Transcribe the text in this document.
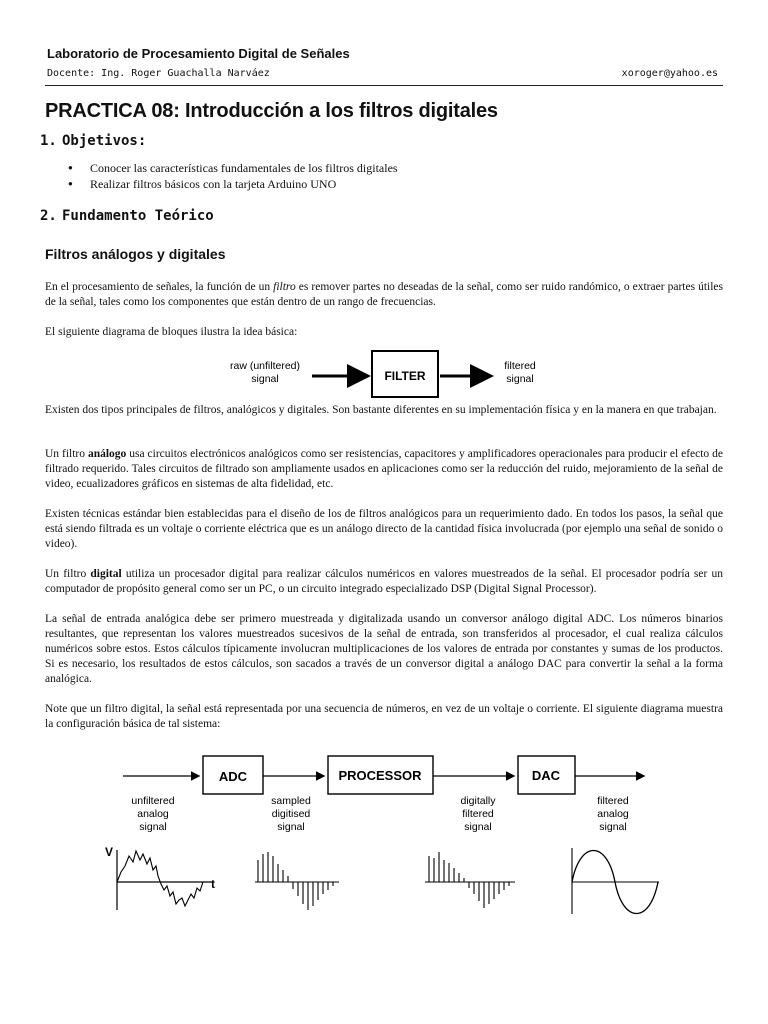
Laboratorio de Procesamiento Digital de Señales
Docente: Ing. Roger Guachalla Narváez	xoroger@yahoo.es
PRACTICA 08: Introducción a los filtros digitales
1. Objetivos:
● Conocer las características fundamentales de los filtros digitales
● Realizar filtros básicos con la tarjeta Arduino UNO
2. Fundamento Teórico
Filtros análogos y digitales

En el procesamiento de señales, la función de un filtro es remover partes no deseadas de la señal, como ser ruido randómico, o extraer partes útiles de la señal, tales como los componentes que están dentro de un rango de frecuencias.

El siguiente diagrama de bloques ilustra la idea básica:

raw (unfiltered)
signal	FILTER
filtered
signal

Existen dos tipos principales de filtros, analógicos y digitales. Son bastante diferentes en su implementación física y en la manera en que trabajan.

Un filtro análogo usa circuitos electrónicos analógicos como ser resistencias, capacitores y amplificadores operacionales para producir el efecto de filtrado requerido. Tales circuitos de filtrado son ampliamente usados en aplicaciones como ser la reducción del ruido, mejoramiento de la señal de video, ecualizadores gráficos en sistemas de alta fidelidad, etc.

Existen técnicas estándar bien establecidas para el diseño de los de filtros analógicos para un requerimiento dado. En todos los pasos, la señal que está siendo filtrada es un voltaje o corriente eléctrica que es un análogo directo de la cantidad física involucrada (por ejemplo una señal de sonido o video).

Un filtro digital utiliza un procesador digital para realizar cálculos numéricos en valores muestreados de la señal. El procesador podría ser un computador de propósito general como ser un PC, o un circuito integrado especializado DSP (Digital Signal Processor).

La señal de entrada analógica debe ser primero muestreada y digitalizada usando un conversor análogo digital ADC. Los números binarios resultantes, que representan los valores muestreados sucesivos de la señal de entrada, son transferidos al procesador, el cual realiza cálculos numéricos sobre estos. Estos cálculos típicamente involucran multiplicaciones de los valores de entrada por constantes y sumas de los productos. Si es necesario, los resultados de estos cálculos, son sacados a través de un conversor digital a análogo DAC para convertir la señal a la forma analógica.

Note que un filtro digital, la señal está representada por una secuencia de números, en vez de un voltaje o corriente. El siguiente diagrama muestra la configuración básica de tal sistema:

ADC	PROCESSOR	DAC
unfiltered
analog
signal
sampled
digitised
signal
digitally
filtered
signal
filtered
analog
signal
V
t
